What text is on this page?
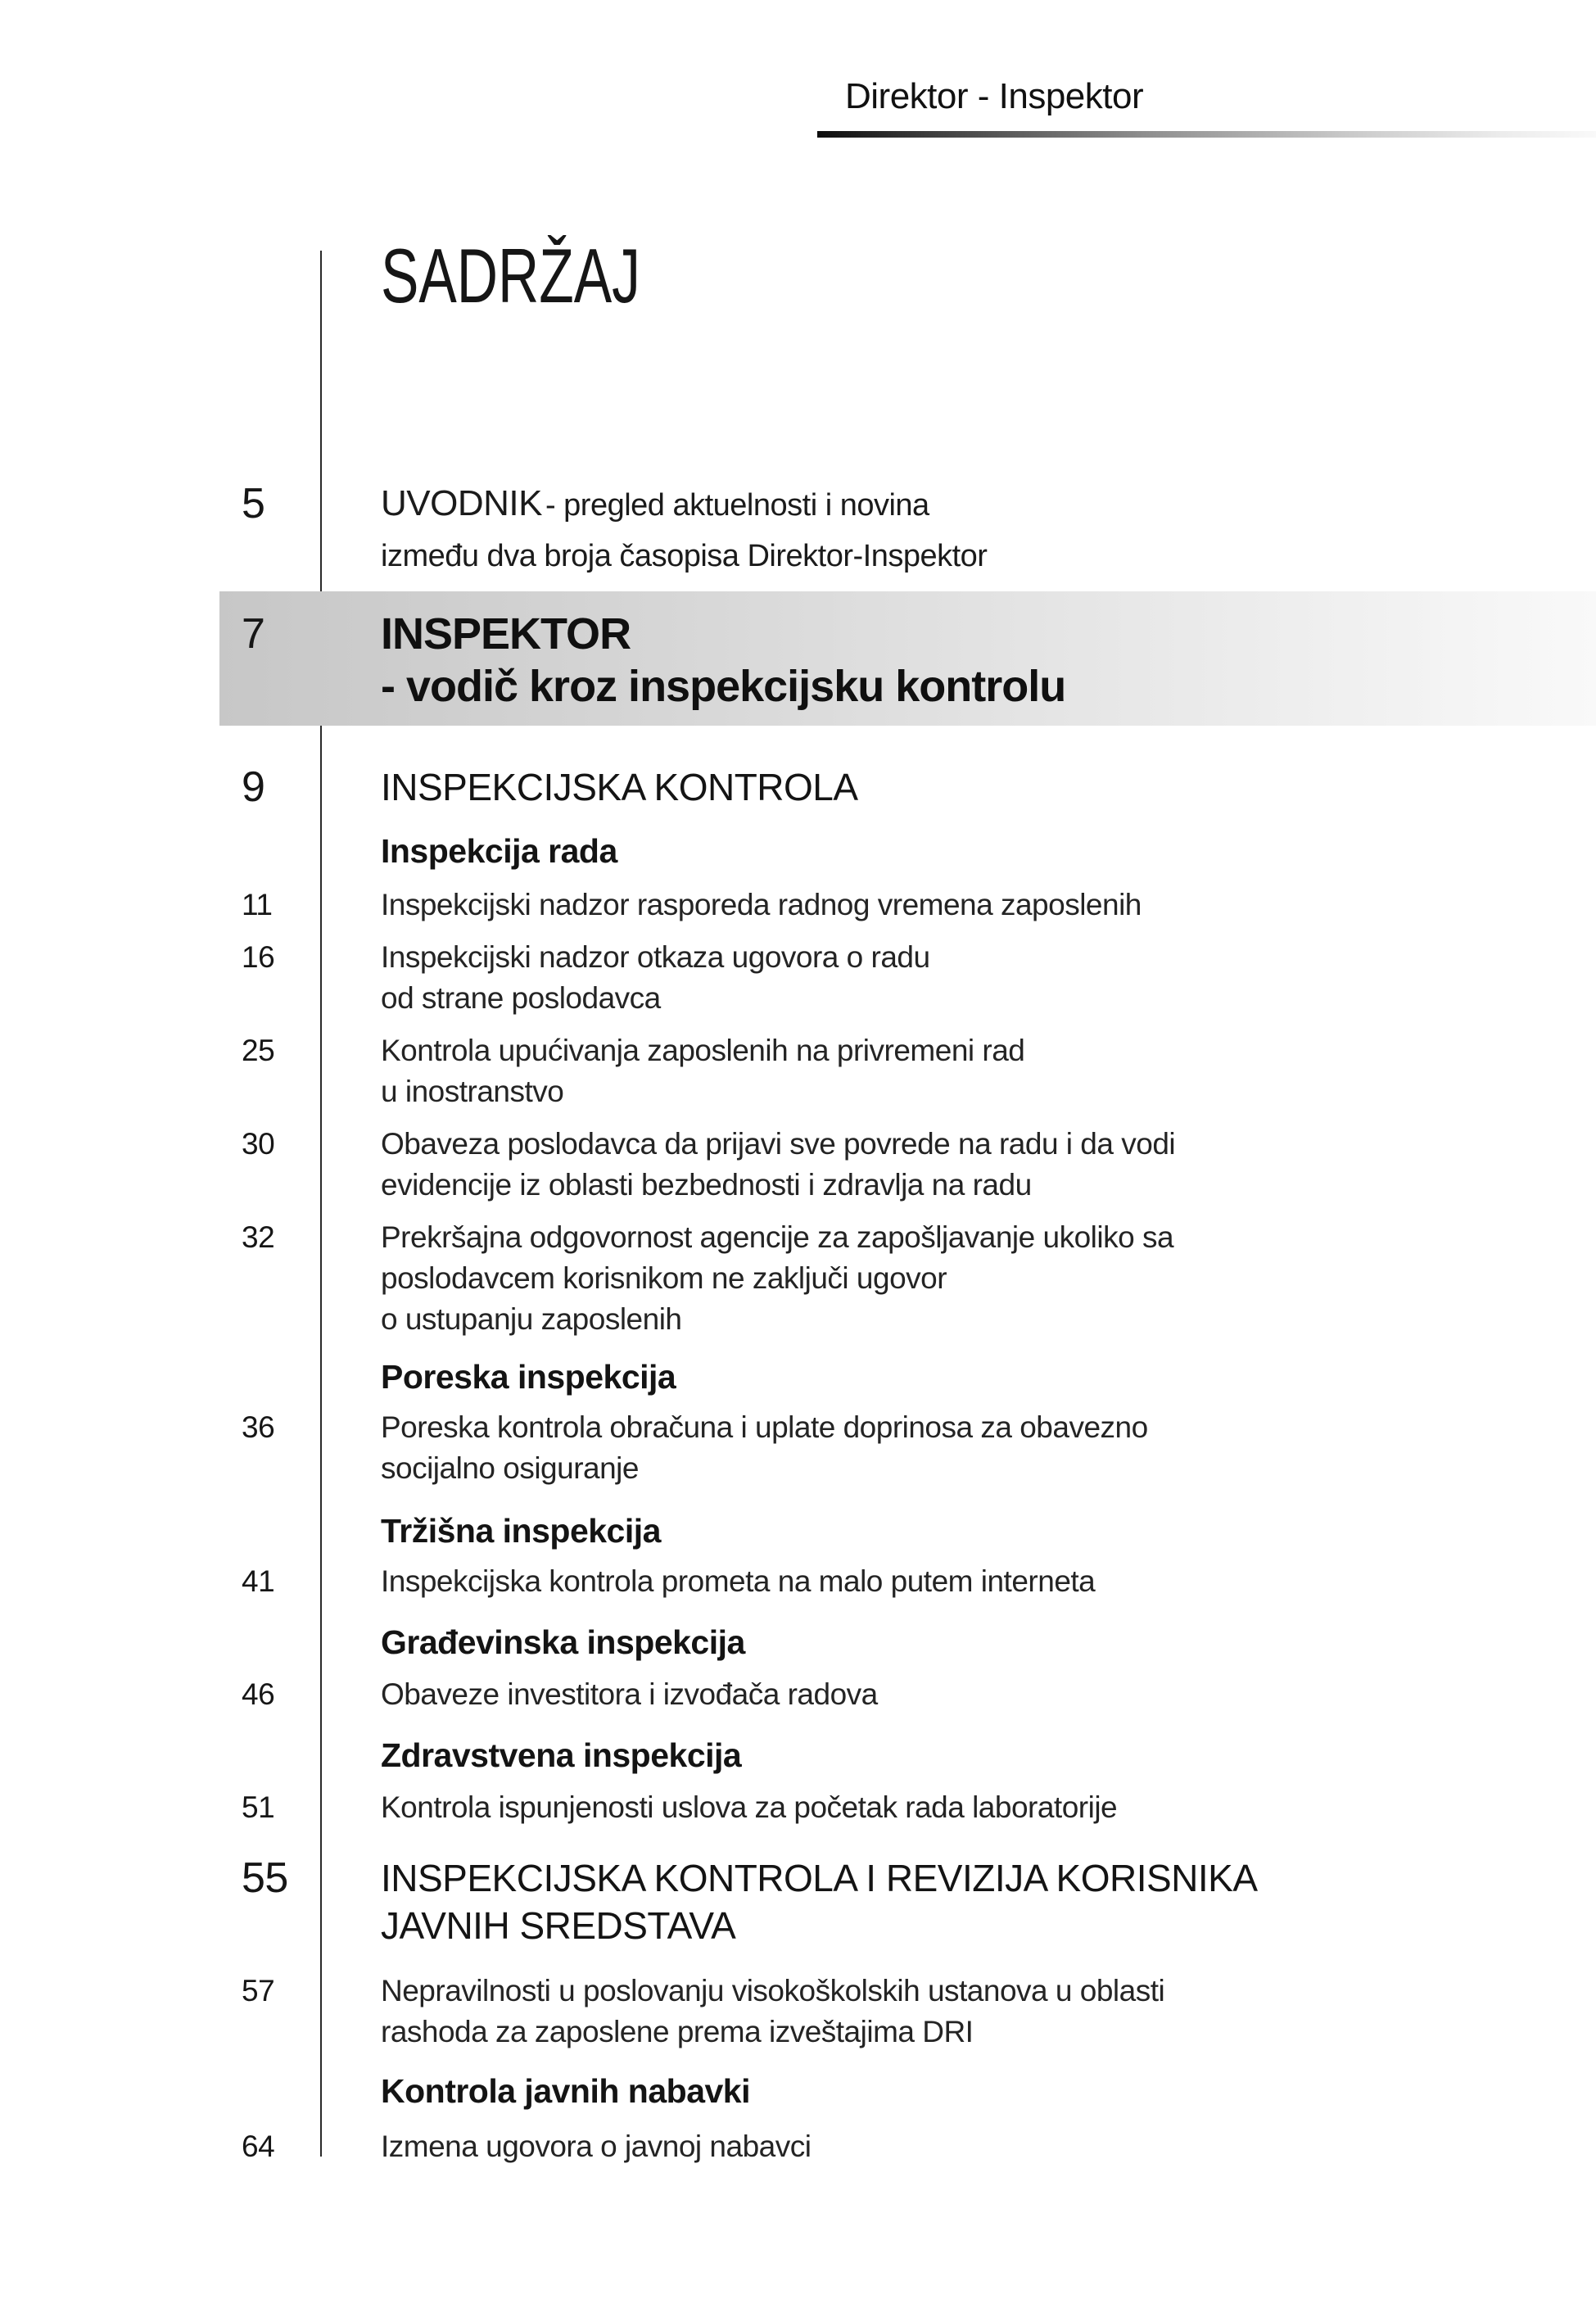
Direktor - Inspektor
SADRŽAJ
5	UVODNIK - pregled aktuelnosti i novina
između dva broja časopisa Direktor-Inspektor
7	INSPEKTOR
- vodič kroz inspekcijsku kontrolu
9	INSPEKCIJSKA KONTROLA
Inspekcija rada
11	Inspekcijski nadzor rasporeda radnog vremena zaposlenih
16	Inspekcijski nadzor otkaza ugovora o radu
od strane poslodavca
25	Kontrola upućivanja zaposlenih na privremeni rad
u inostranstvo
30	Obaveza poslodavca da prijavi sve povrede na radu i da vodi
evidencije iz oblasti bezbednosti i zdravlja na radu
32	Prekršajna odgovornost agencije za zapošljavanje ukoliko sa
poslodavcem korisnikom ne zaključi ugovor
o ustupanju zaposlenih
Poreska inspekcija
36	Poreska kontrola obračuna i uplate doprinosa za obavezno
socijalno osiguranje
Tržišna inspekcija
41	Inspekcijska kontrola prometa na malo putem interneta
Građevinska inspekcija
46	Obaveze investitora i izvođača radova
Zdravstvena inspekcija
51	Kontrola ispunjenosti uslova za početak rada laboratorije
55	INSPEKCIJSKA KONTROLA I REVIZIJA KORISNIKA
JAVNIH SREDSTAVA
57	Nepravilnosti u poslovanju visokoškolskih ustanova u oblasti
rashoda za zaposlene prema izveštajima DRI
Kontrola javnih nabavki
64	Izmena ugovora o javnoj nabavci
